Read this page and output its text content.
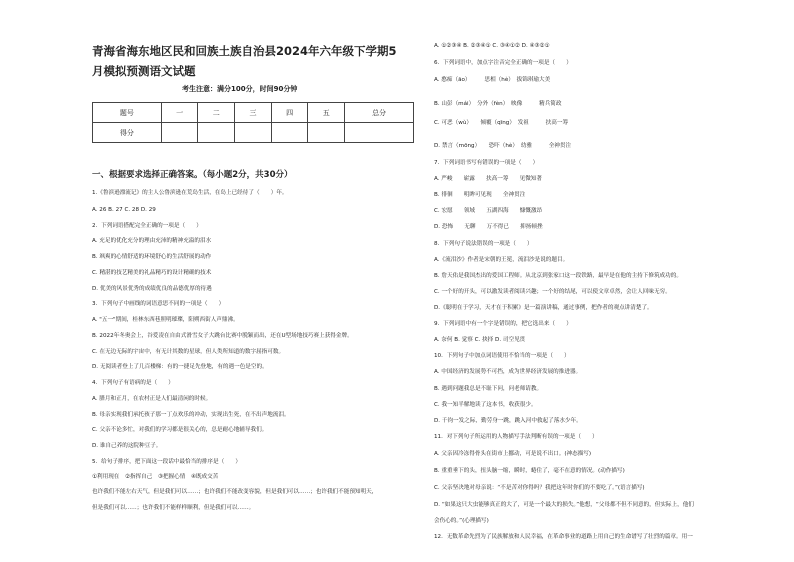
青海省海东地区民和回族土族自治县2024年六年级下学期5
月模拟预测语文试题
考生注意：满分100分，时间90分钟
题号	一	二	三	四	五	总分
得分						
一、根据要求选择正确答案。（每小题2分，共30分）
1.《鲁滨逊漂流记》的主人公鲁滨逊在荒岛生活，在岛上已经待了（　　）年。
A. 26 B. 27 C. 28 D. 29
2．下列词语搭配完全正确的一项是（　　）
A. 充足的优化充分的理由充沛的精神充溢的泪水
B. 飒爽的心情舒适的环境舒心的生活舒展的动作
C. 精湛的技艺精美的礼品精巧的设计精确的技术
D. 优美的风景优秀的成绩优良的品德优厚的待遇
3．下列句子中画线的词语意思不同的一项是（　　）
A. "五一"期间，桂林东西巷照明璀璨，阳朔西街人声鼎沸。
B. 2022年冬奥会上，谷爱凌在自由式滑雪女子大跳台比赛中脱颖而出，还在U型场地技巧赛上获得金牌。
C. 在无边无际的宇宙中，有无计其数的星球，但人类所知道的数字屈指可数。
D. 无阅读者登上了几百楼梯：有的一捷足先登地，有的遇一色是空的。
4．下列句子有语病的是（　　）
A. 腊月和正月，在农村正是人们最清闲的时候。
B. 母亲实现我们承托孩子那一丁点欢乐的冲动，实现出生死，在不出声地流泪。
C. 父亲不论多忙，对我们的学习都是很关心的，总是耐心地辅导我们。
D. 谁自己养的这院种豆子。
5．给句子排序，把下面这一段话中最恰当的排序是（　　）
①利用现在　②指挥自己　③把握心情　④既成交苦
也许我们不能左右天气，但是我们可以……；也许我们不能改变容貌，但是我们可以……；也许我们不能预知明天，
但是我们可以……；也许我们不能样样顺利，但是我们可以……。
A. ①②③④ B. ②③④① C. ③④①② D. ④③②①
6．下列词语中，加点字注音完全正确的一项是（　　）
A. 憨痴（āo）　　　思相（hè）　拔锦琪瑜大美
B. 山彭（mái）　分外（fèn）　映像　　　精兵简政
C. 可恶（wù）　　倾覆（qīng）　发祖　　　扶高一筹
D. 禁言（mōng）　　恐吓（hè）　幼雅　　　全神贯注
7．下列词语书写有错误的一项是（　　）
A. 严峻　　崭露　　扶高一筹　　见微知著
B. 徘徊　　明眸可见现　　全神贯注
C. 宏愿　　领域　　五湖四海　　慷慨激昂
D. 恐怖　　无聊　　万不得已　　抑扬顿挫
8．下列句子说法错误的一项是（　　）
A.《流泪沙》作者是宋朝的王冕，流泪沙是说的题目。
B. 詹天佑是我国杰出的爱国工程师。从北京到张家口这一段铁路，最早是在他的主持下修筑成功的。
C. 一个好的开头，可以激发读者阅读兴趣；一个好的结尾，可以使文章卓然，会让人回味无穷。
D.《聪明在于学习，天才在于积累》是一篇演讲稿，通过事例，把作者的观点讲清楚了。
9．下列词语中有一个字是错误的，把它选出来（　　）
A. 奈何 B. 觉察 C. 抉择 D. 司空见贯
10．下列句子中加点词语使用不恰当的一项是（　　）
A. 中国经济的发展势不可挡，成为世界经济发展的推进器。
B. 遇到问题我总是不耻下问，问老师请教。
C. 我一知半解地读了这本书，收获很少。
D. 千钧一发之际，勤劳身一跳，跳入河中救起了落水少年。
11．对下列句子所运用的人物描写手法判断有误的一项是（　　）
A. 父亲因冷冻得骨头在街市上挪动，可是说不出口。(神态描写)
B. 重重垂下的头，扭头脑一缩，瞬时，蜷住了，毫不在意的情况。(动作描写)
C. 父亲坚决地对母亲说：“不是苦对你得吗？我把这年时你们的不要吃了。”(语言描写)
D. “如果这只大虫能够真正的大了，可是一个最大的损失。”他想，“父母都不但不同意的，但实际上，他们
会伤心的。”(心理描写)
12．无数革命先烈为了民族解放和人民幸福，在革命事业的道路上用自己的生命谱写了壮烈的篇章。用一
